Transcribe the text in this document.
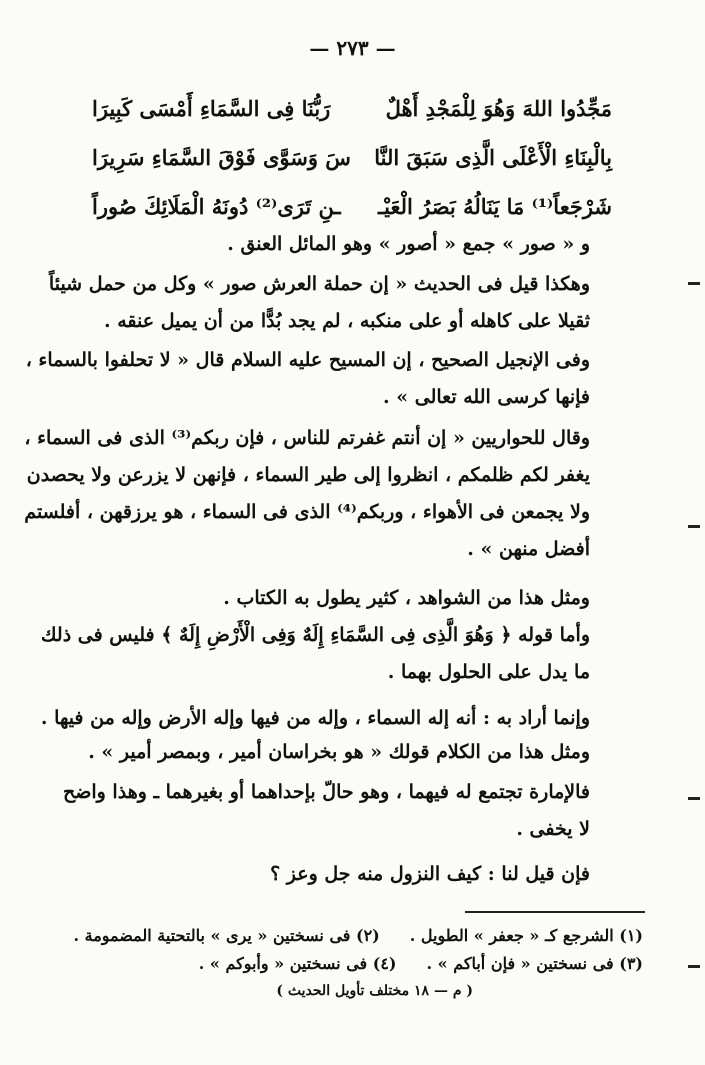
— ٢٧٣ —
مَجِّدُوا اللهَ وَهُوَ لِلْمَجْدِ أَهْلٌ
رَبُّنَا فِى السَّمَاءِ أَمْسَى كَبِيرَا
بِالْبِنَاءِ الْأَعْلَى الَّذِى سَبَقَ النَّا
سَ وَسَوَّى فَوْقَ السَّمَاءِ سَرِيرَا
شَرْجَعاً⁽¹⁾ مَا يَنَالُهُ بَصَرُ الْعَيْـ
ـنِ تَرَى⁽²⁾ دُونَهُ الْمَلَائِكَ صُوراً
و « صور » جمع « أصور » وهو المائل العنق .
وهكذا قيل فى الحديث « إن حملة العرش صور » وكل من حمل شيئاً
ثقيلا على كاهله أو على منكبه ، لم يجد بُدًّا من أن يميل عنقه .
وفى الإنجيل الصحيح ، إن المسيح عليه السلام قال « لا تحلفوا بالسماء ،
فإنها كرسى الله تعالى » .
وقال للحواريين « إن أنتم غفرتم للناس ، فإن ربكم⁽³⁾ الذى فى السماء ،
يغفر لكم ظلمكم ، انظروا إلى طير السماء ، فإنهن لا يزرعن ولا يحصدن
ولا يجمعن فى الأهواء ، وربكم⁽⁴⁾ الذى فى السماء ، هو يرزقهن ، أفلستم
أفضل منهن » .
ومثل هذا من الشواهد ، كثير يطول به الكتاب .
وأما قوله ﴿ وَهُوَ الَّذِى فِى السَّمَاءِ إِلَهٌ وَفِى الْأَرْضِ إِلَهٌ ﴾ فليس فى ذلك
ما يدل على الحلول بهما .
وإنما أراد به : أنه إله السماء ، وإله من فيها وإله الأرض وإله من فيها .
ومثل هذا من الكلام قولك « هو بخراسان أمير ، وبمصر أمير » .
فالإمارة تجتمع له فيهما ، وهو حالّ بإحداهما أو بغيرهما ـ وهذا واضح
لا يخفى .
فإن قيل لنا : كيف النزول منه جل وعز ؟
(١) الشرجع كـ « جعفر » الطويل .
(٢) فى نسختين « يرى » بالتحتية المضمومة .
(٣) فى نسختين « فإن أباكم » .
(٤) فى نسختين « وأبوكم » .
( م — ١٨ مختلف تأويل الحديث )
